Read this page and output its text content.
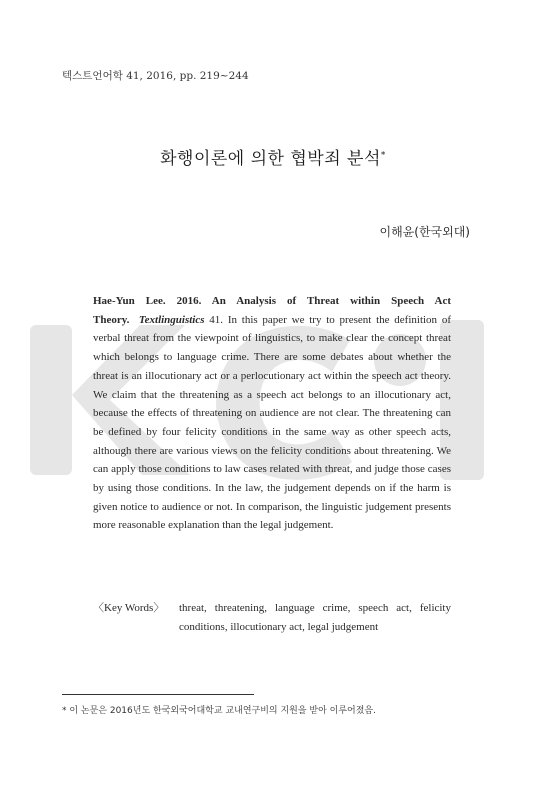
텍스트언어학 41, 2016, pp. 219~244
화행이론에 의한 협박죄 분석*
이해윤(한국외대)
Hae-Yun Lee. 2016. An Analysis of Threat within Speech Act Theory. Textlinguistics 41. In this paper we try to present the definition of verbal threat from the viewpoint of linguistics, to make clear the concept threat which belongs to language crime. There are some debates about whether the threat is an illocutionary act or a perlocutionary act within the speech act theory. We claim that the threatening as a speech act belongs to an illocutionary act, because the effects of threatening on audience are not clear. The threatening can be defined by four felicity conditions in the same way as other speech acts, although there are various views on the felicity conditions about threatening. We can apply those conditions to law cases related with threat, and judge those cases by using those conditions. In the law, the judgement depends on if the harm is given notice to audience or not. In comparison, the linguistic judgement presents more reasonable explanation than the legal judgement.
〈Key Words〉	threat, threatening, language crime, speech act, felicity conditions, illocutionary act, legal judgement
* 이 논문은 2016년도 한국외국어대학교 교내연구비의 지원을 받아 이루어졌음.
